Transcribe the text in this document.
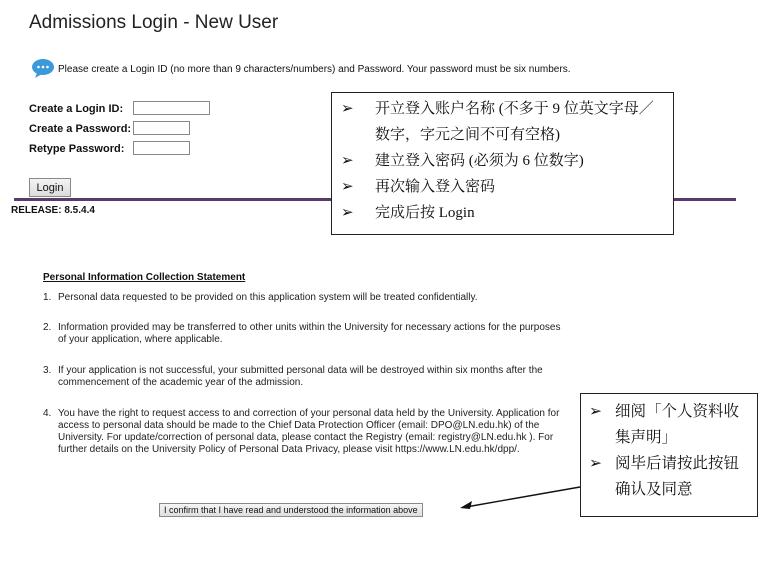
Admissions Login - New User
Please create a Login ID (no more than 9 characters/numbers) and Password. Your password must be six numbers.
Create a Login ID:
Create a Password:
Retype Password:
Login
RELEASE: 8.5.4.4
➢	开立登入账户名称 (不多于 9 位英文字母／数字，字元之间不可有空格)
➢	建立登入密码 (必须为 6 位数字)
➢	再次输入登入密码
➢	完成后按 Login
Personal Information Collection Statement
1. Personal data requested to be provided on this application system will be treated confidentially.
2. Information provided may be transferred to other units within the University for necessary actions for the purposes of your application, where applicable.
3. If your application is not successful, your submitted personal data will be destroyed within six months after the commencement of the academic year of the admission.
4. You have the right to request access to and correction of your personal data held by the University. Application for access to personal data should be made to the Chief Data Protection Officer (email: DPO@LN.edu.hk) of the University. For update/correction of personal data, please contact the Registry (email: registry@LN.edu.hk ). For further details on the University Policy of Personal Data Privacy, please visit https://www.LN.edu.hk/dpp/.
I confirm that I have read and understood the information above
➢ 细阅「个人资料收集声明」
➢ 阅毕后请按此按钮确认及同意
